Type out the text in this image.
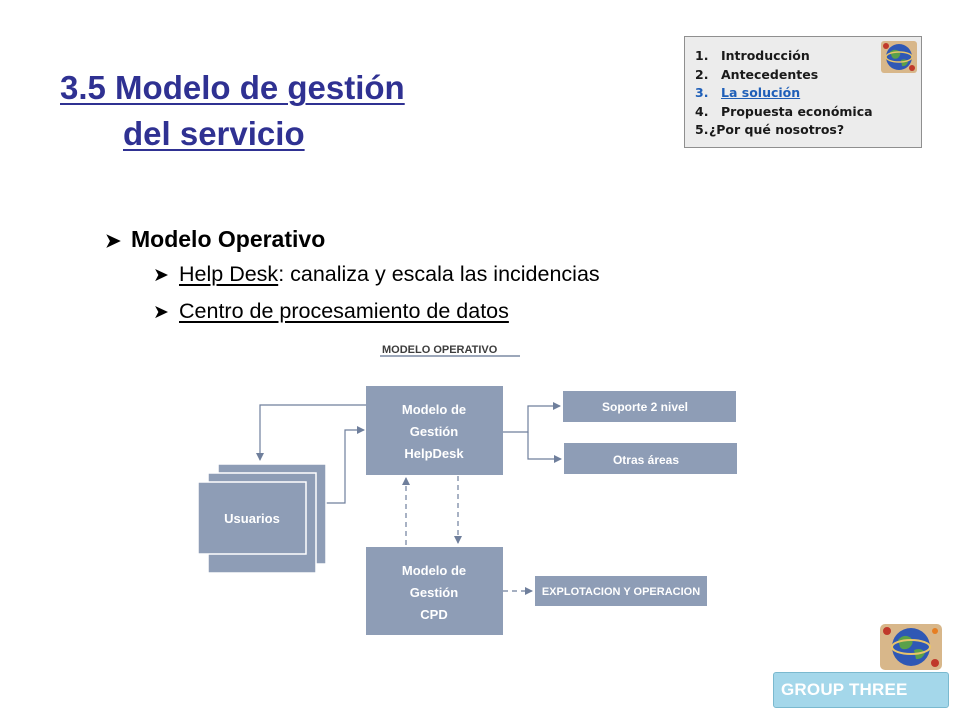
3.5 Modelo de gestión
del servicio
1. Introducción
2. Antecedentes
3. La solución
4. Propuesta económica
5.¿Por qué nosotros?
➤ Modelo Operativo
➤ Help Desk: canaliza y escala las incidencias
➤ Centro de procesamiento de datos
MODELO OPERATIVO
Usuarios
Modelo de
Gestión
HelpDesk
Modelo de
Gestión
CPD
Soporte 2 nivel
Otras áreas
EXPLOTACION Y OPERACION
GROUP THREE
